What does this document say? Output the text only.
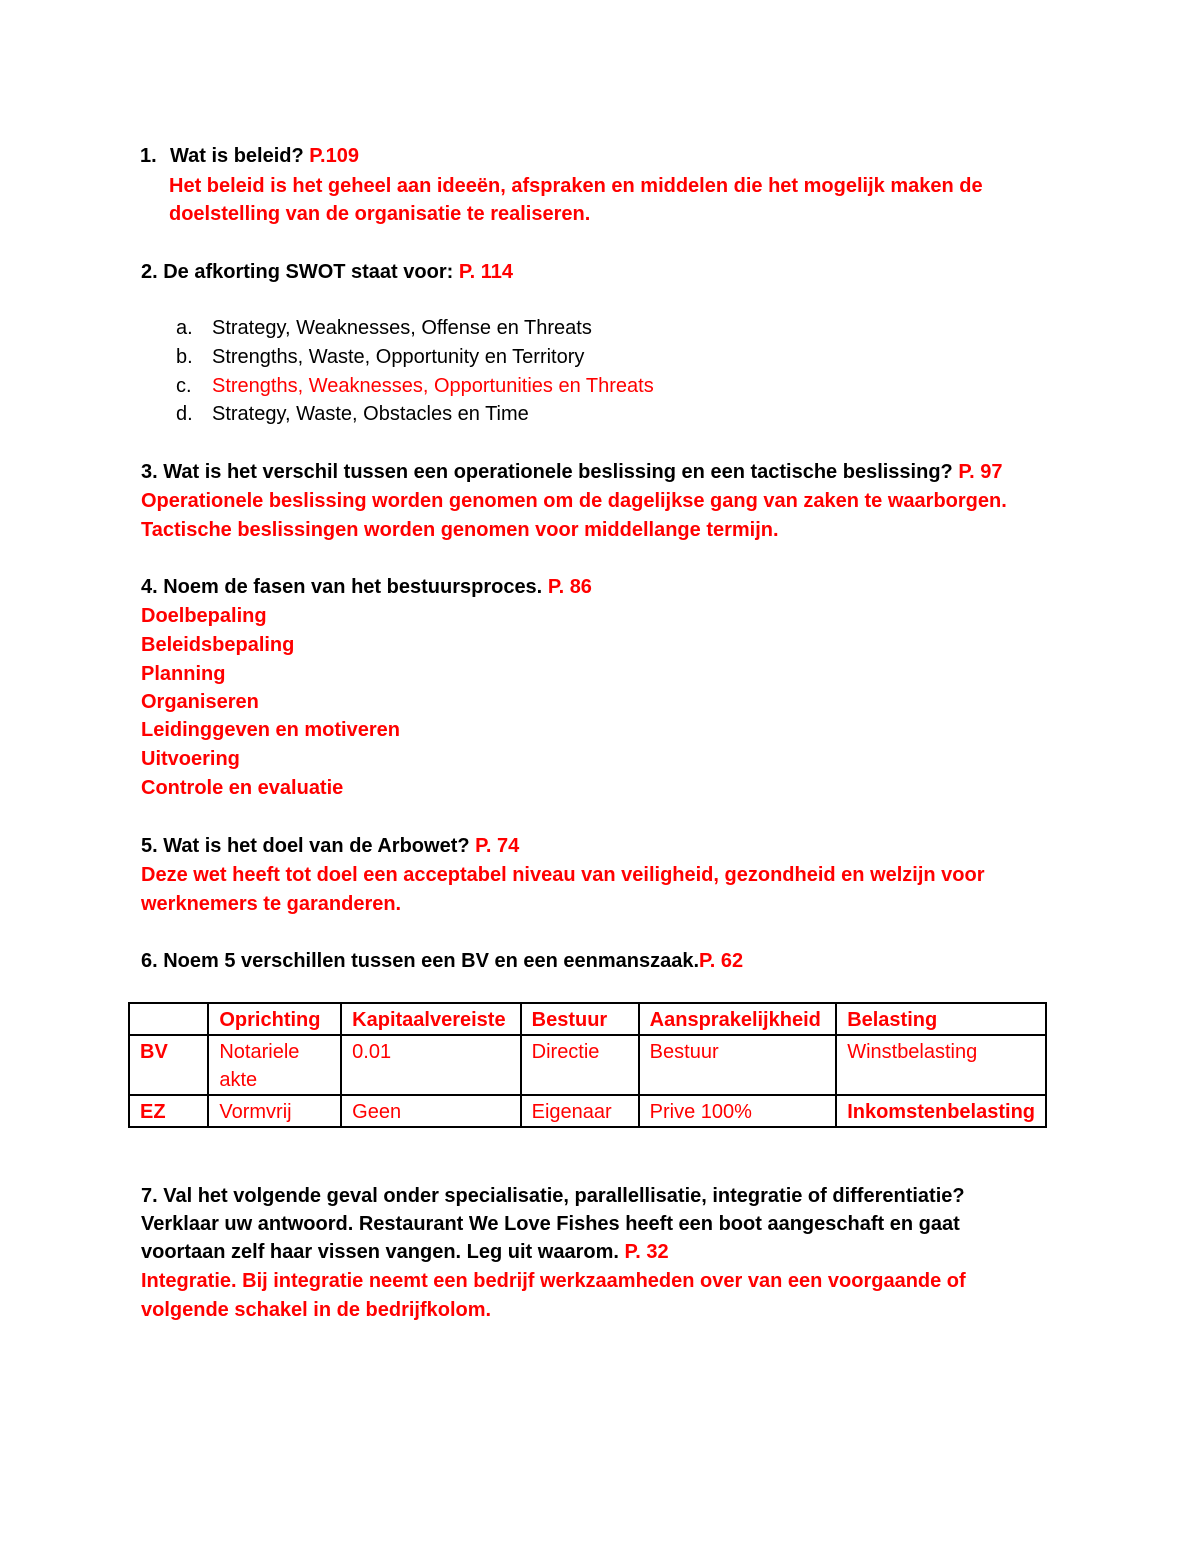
1. Wat is beleid? P.109
Het beleid is het geheel aan ideeën, afspraken en middelen die het mogelijk maken de
doelstelling van de organisatie te realiseren.
2. De afkorting SWOT staat voor: P. 114
a. Strategy, Weaknesses, Offense en Threats
b. Strengths, Waste, Opportunity en Territory
c. Strengths, Weaknesses, Opportunities en Threats
d. Strategy, Waste, Obstacles en Time
3. Wat is het verschil tussen een operationele beslissing en een tactische beslissing? P. 97
Operationele beslissing worden genomen om de dagelijkse gang van zaken te waarborgen.
Tactische beslissingen worden genomen voor middellange termijn.
4. Noem de fasen van het bestuursproces. P. 86
Doelbepaling
Beleidsbepaling
Planning
Organiseren
Leidinggeven en motiveren
Uitvoering
Controle en evaluatie
5. Wat is het doel van de Arbowet? P. 74
Deze wet heeft tot doel een acceptabel niveau van veiligheid, gezondheid en welzijn voor
werknemers te garanderen.
6. Noem 5 verschillen tussen een BV en een eenmanszaak.P. 62
	Oprichting	Kapitaalvereiste	Bestuur	Aansprakelijkheid	Belasting
BV	Notariele akte	0.01	Directie	Bestuur	Winstbelasting
EZ	Vormvrij	Geen	Eigenaar	Prive 100%	Inkomstenbelasting
7. Val het volgende geval onder specialisatie, parallellisatie, integratie of differentiatie?
Verklaar uw antwoord. Restaurant We Love Fishes heeft een boot aangeschaft en gaat
voortaan zelf haar vissen vangen. Leg uit waarom. P. 32
Integratie. Bij integratie neemt een bedrijf werkzaamheden over van een voorgaande of
volgende schakel in de bedrijfkolom.
